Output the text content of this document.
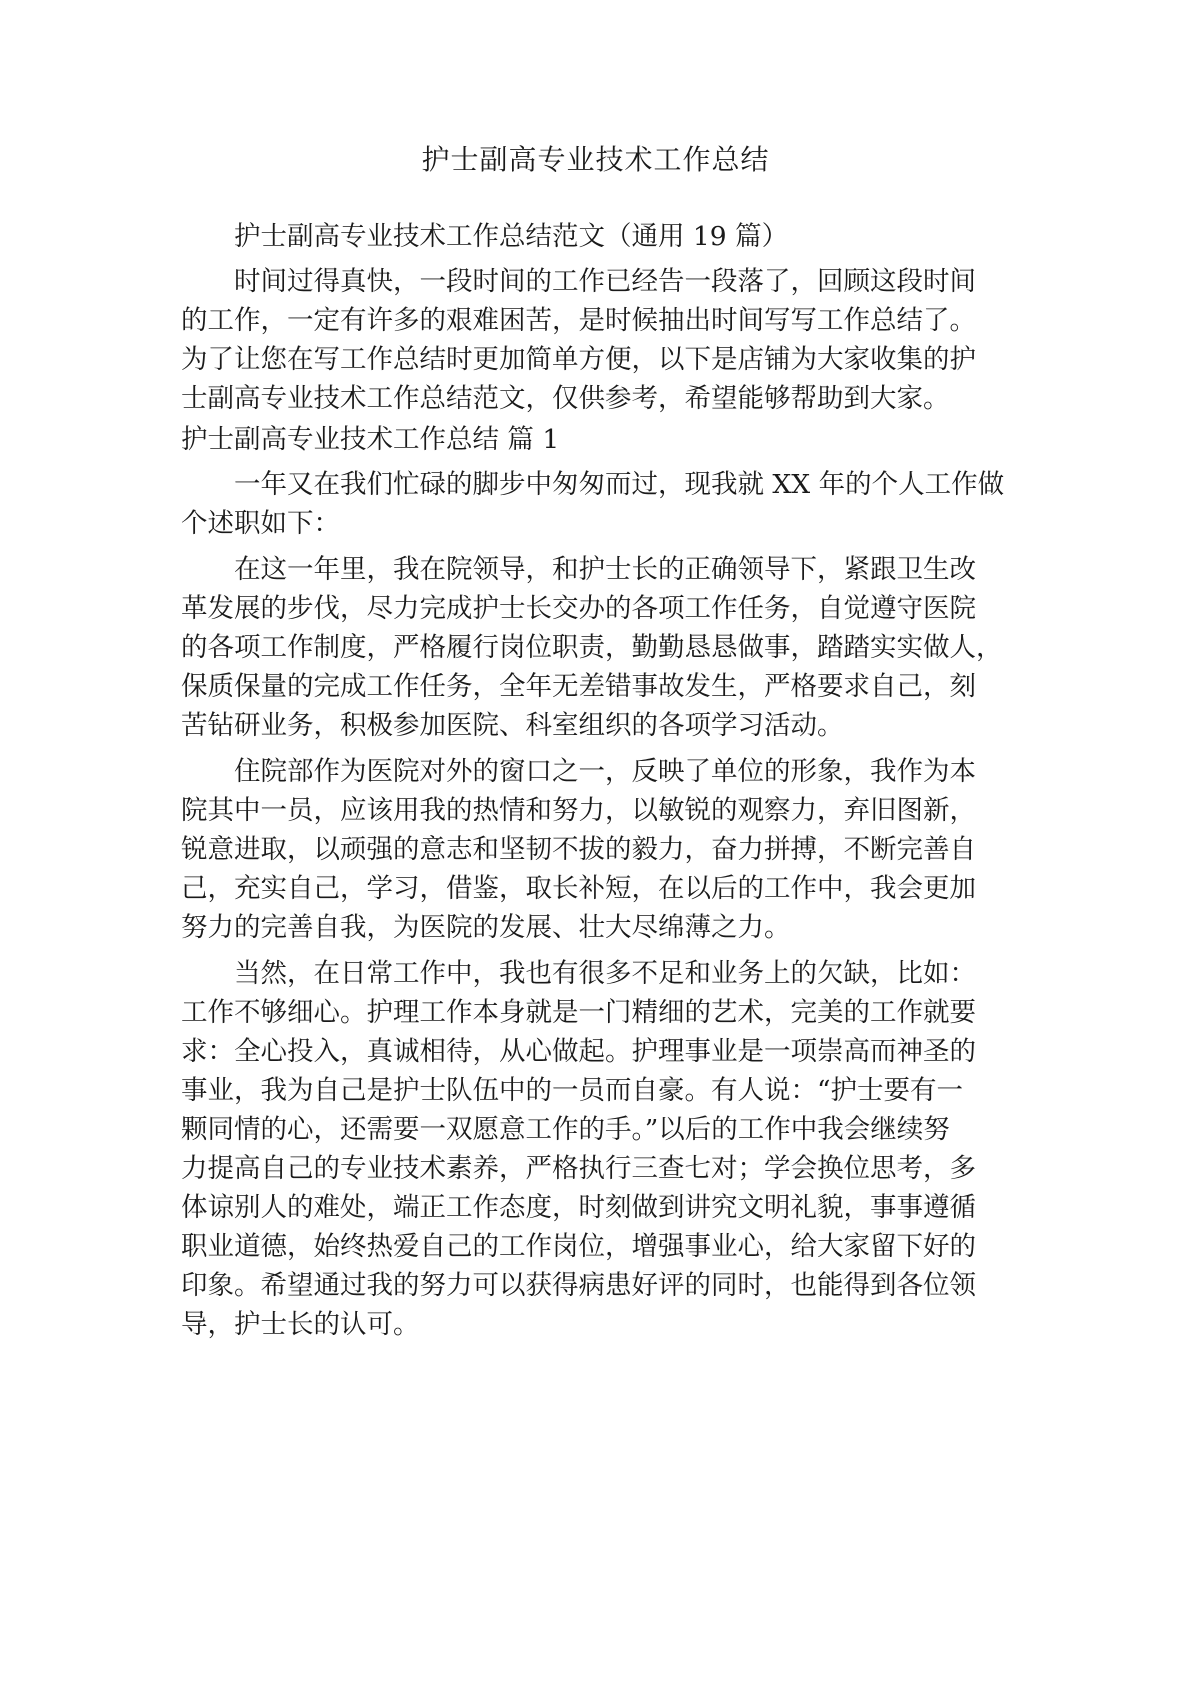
护士副高专业技术工作总结

护士副高专业技术工作总结范文（通用 19 篇）

时间过得真快，一段时间的工作已经告一段落了，回顾这段时间
的工作，一定有许多的艰难困苦，是时候抽出时间写写工作总结了。
为了让您在写工作总结时更加简单方便，以下是店铺为大家收集的护
士副高专业技术工作总结范文，仅供参考，希望能够帮助到大家。

护士副高专业技术工作总结 篇 1

一年又在我们忙碌的脚步中匆匆而过，现我就 XX 年的个人工作做
个述职如下：

在这一年里，我在院领导，和护士长的正确领导下，紧跟卫生改
革发展的步伐，尽力完成护士长交办的各项工作任务，自觉遵守医院
的各项工作制度，严格履行岗位职责，勤勤恳恳做事，踏踏实实做人，
保质保量的完成工作任务，全年无差错事故发生，严格要求自己，刻
苦钻研业务，积极参加医院、科室组织的各项学习活动。

住院部作为医院对外的窗口之一，反映了单位的形象，我作为本
院其中一员，应该用我的热情和努力，以敏锐的观察力，弃旧图新，
锐意进取，以顽强的意志和坚韧不拔的毅力，奋力拼搏，不断完善自
己，充实自己，学习，借鉴，取长补短，在以后的工作中，我会更加
努力的完善自我，为医院的发展、壮大尽绵薄之力。

当然，在日常工作中，我也有很多不足和业务上的欠缺，比如：
工作不够细心。护理工作本身就是一门精细的艺术，完美的工作就要
求：全心投入，真诚相待，从心做起。护理事业是一项崇高而神圣的
事业，我为自己是护士队伍中的一员而自豪。有人说：“护士要有一
颗同情的心，还需要一双愿意工作的手。”以后的工作中我会继续努
力提高自己的专业技术素养，严格执行三查七对；学会换位思考，多
体谅别人的难处，端正工作态度，时刻做到讲究文明礼貌，事事遵循
职业道德，始终热爱自己的工作岗位，增强事业心，给大家留下好的
印象。希望通过我的努力可以获得病患好评的同时，也能得到各位领
导，护士长的认可。
